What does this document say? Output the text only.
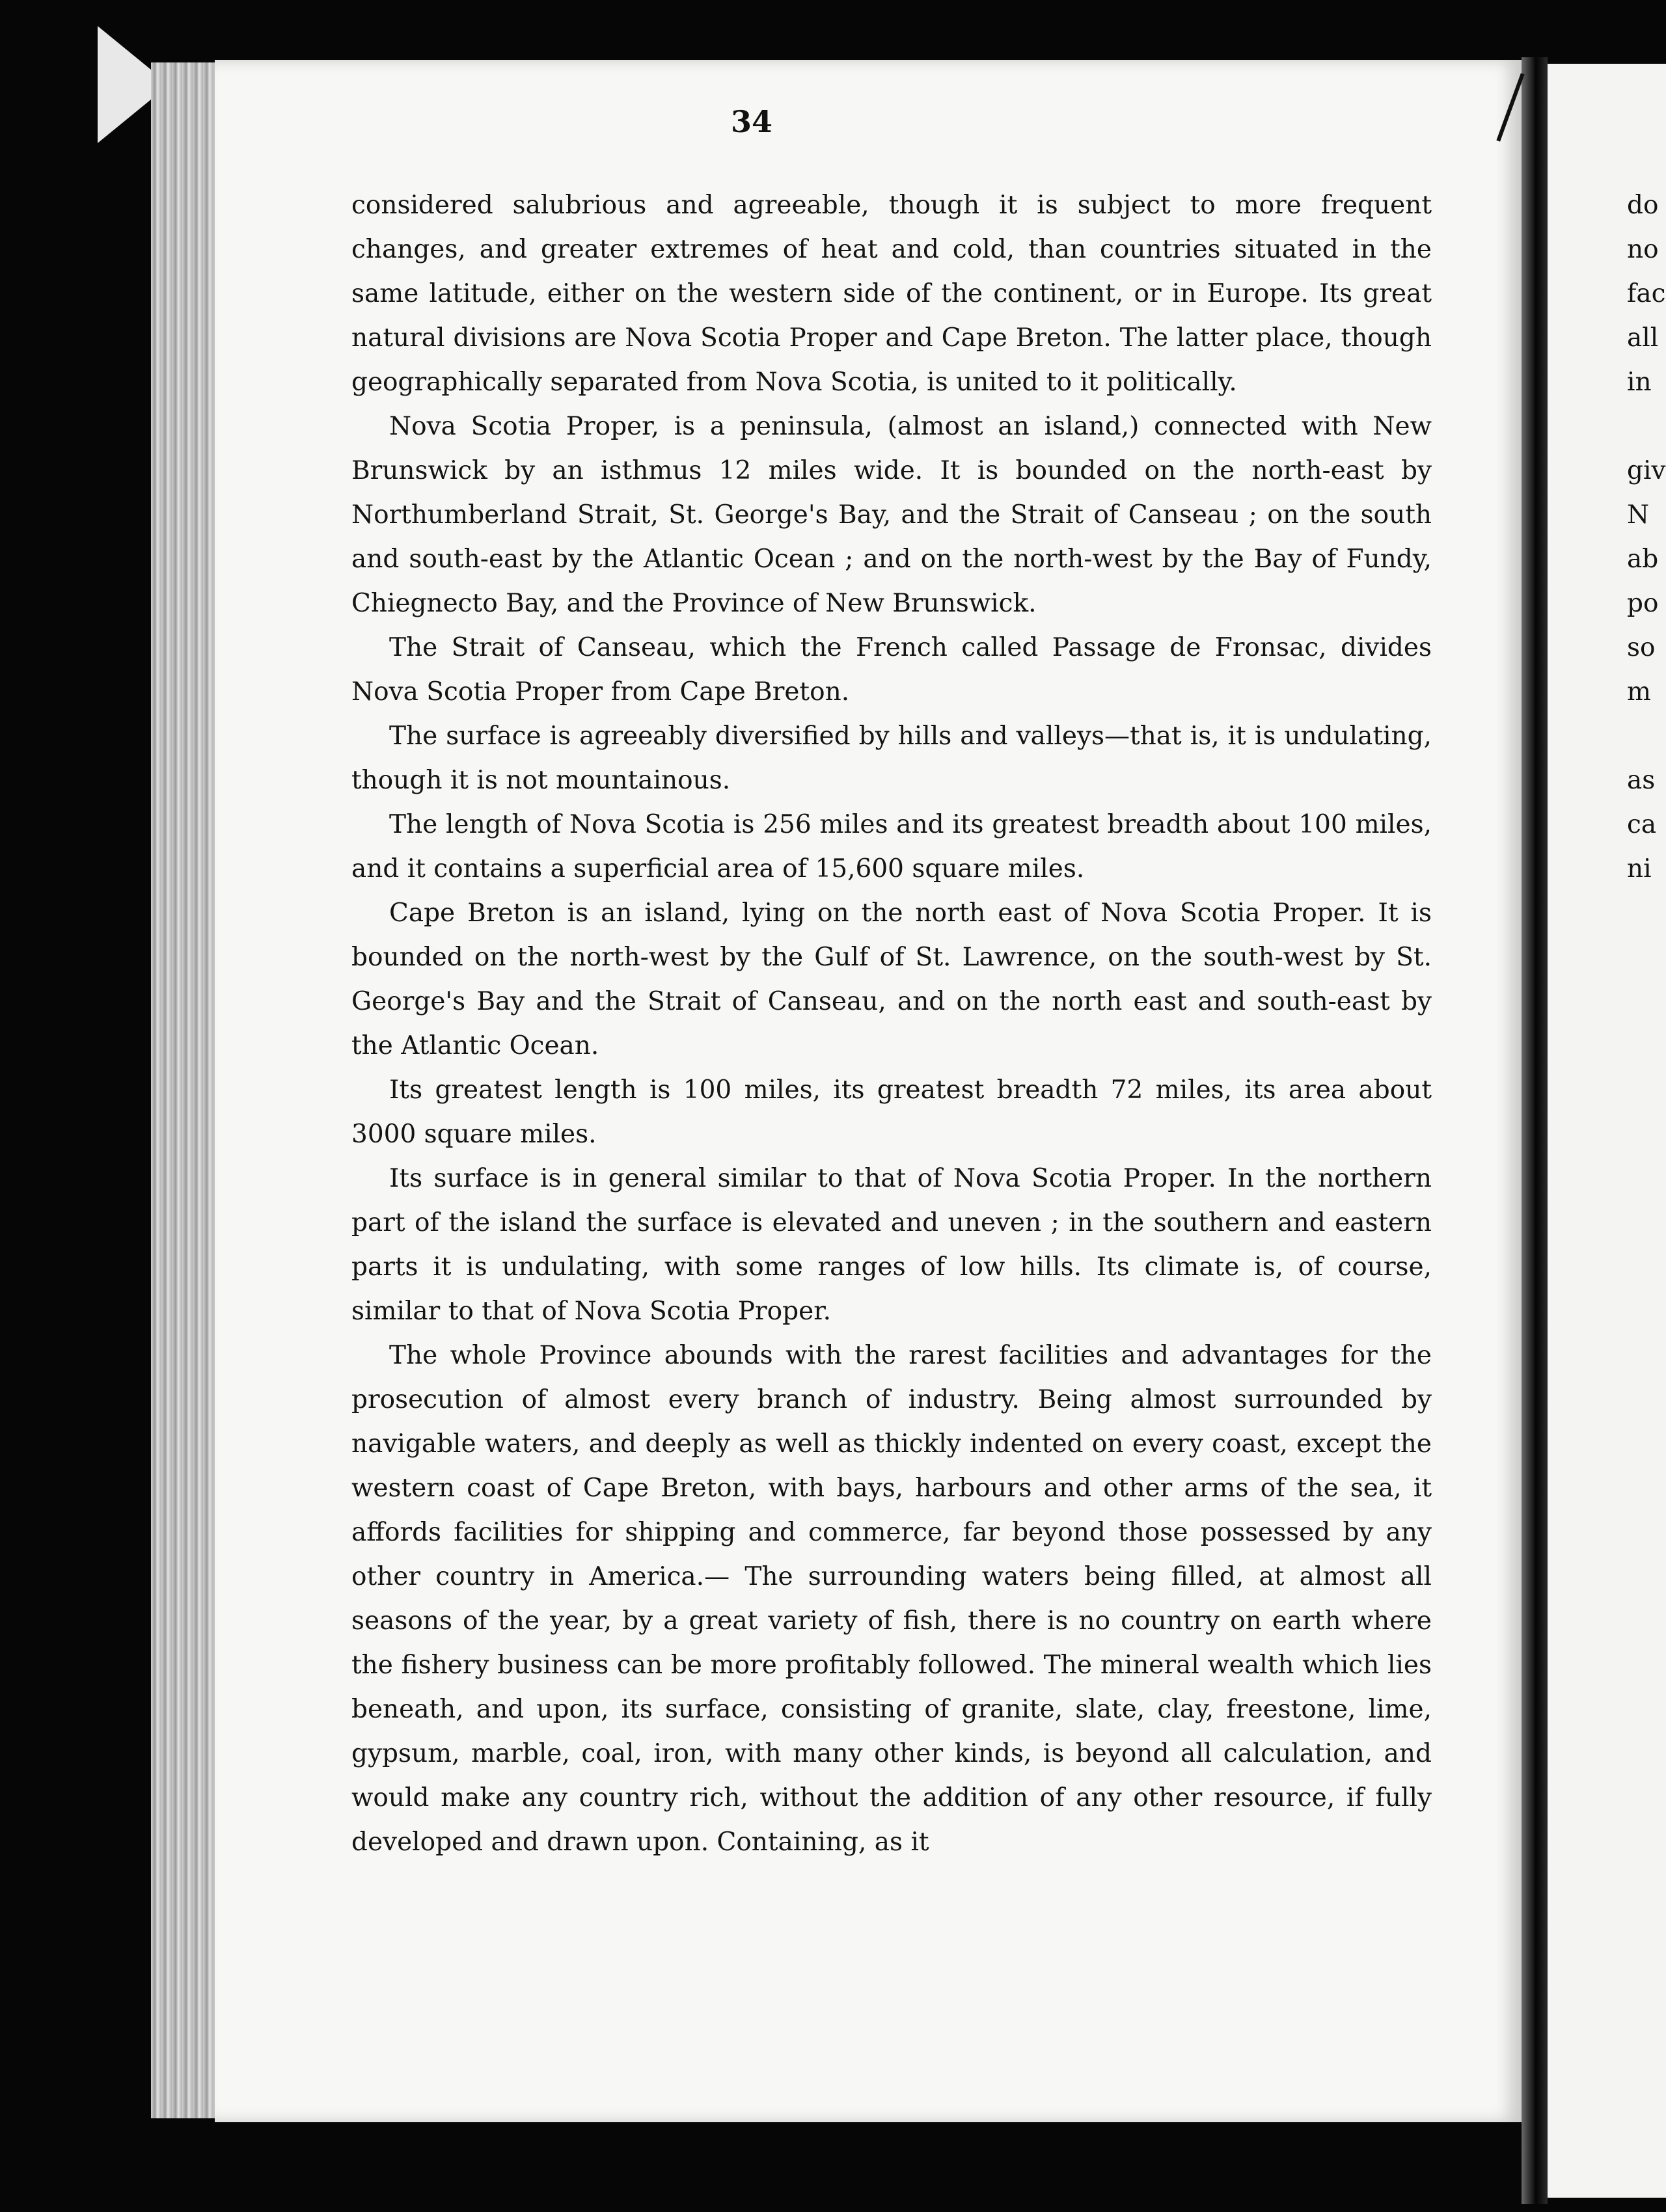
34

considered salubrious and agreeable, though it is subject to more frequent changes, and greater extremes of heat and cold, than countries situated in the same latitude, either on the western side of the continent, or in Europe. Its great natural divisions are Nova Scotia Proper and Cape Breton. The latter place, though geographically separated from Nova Scotia, is united to it politically.

Nova Scotia Proper, is a peninsula, (almost an island,) connected with New Brunswick by an isthmus 12 miles wide. It is bounded on the north-east by Northumberland Strait, St. George's Bay, and the Strait of Canseau ; on the south and south-east by the Atlantic Ocean ; and on the north-west by the Bay of Fundy, Chiegnecto Bay, and the Province of New Brunswick.

The Strait of Canseau, which the French called Passage de Fronsac, divides Nova Scotia Proper from Cape Breton.

The surface is agreeably diversified by hills and valleys—that is, it is undulating, though it is not mountainous.

The length of Nova Scotia is 256 miles and its greatest breadth about 100 miles, and it contains a superficial area of 15,600 square miles.

Cape Breton is an island, lying on the north east of Nova Scotia Proper. It is bounded on the north-west by the Gulf of St. Lawrence, on the south-west by St. George's Bay and the Strait of Canseau, and on the north east and south-east by the Atlantic Ocean.

Its greatest length is 100 miles, its greatest breadth 72 miles, its area about 3000 square miles.

Its surface is in general similar to that of Nova Scotia Proper. In the northern part of the island the surface is elevated and uneven ; in the southern and eastern parts it is undulating, with some ranges of low hills. Its climate is, of course, similar to that of Nova Scotia Proper.

The whole Province abounds with the rarest facilities and advantages for the prosecution of almost every branch of industry. Being almost surrounded by navigable waters, and deeply as well as thickly indented on every coast, except the western coast of Cape Breton, with bays, harbours and other arms of the sea, it affords facilities for shipping and commerce, far beyond those possessed by any other country in America.— The surrounding waters being filled, at almost all seasons of the year, by a great variety of fish, there is no country on earth where the fishery business can be more profitably followed. The mineral wealth which lies beneath, and upon, its surface, consisting of granite, slate, clay, freestone, lime, gypsum, marble, coal, iron, with many other kinds, is beyond all calculation, and would make any country rich, without the addition of any other resource, if fully developed and drawn upon. Containing, as it

do
no
fac
all
in
giv
N
ab
po
so
m
as
ca
ni
